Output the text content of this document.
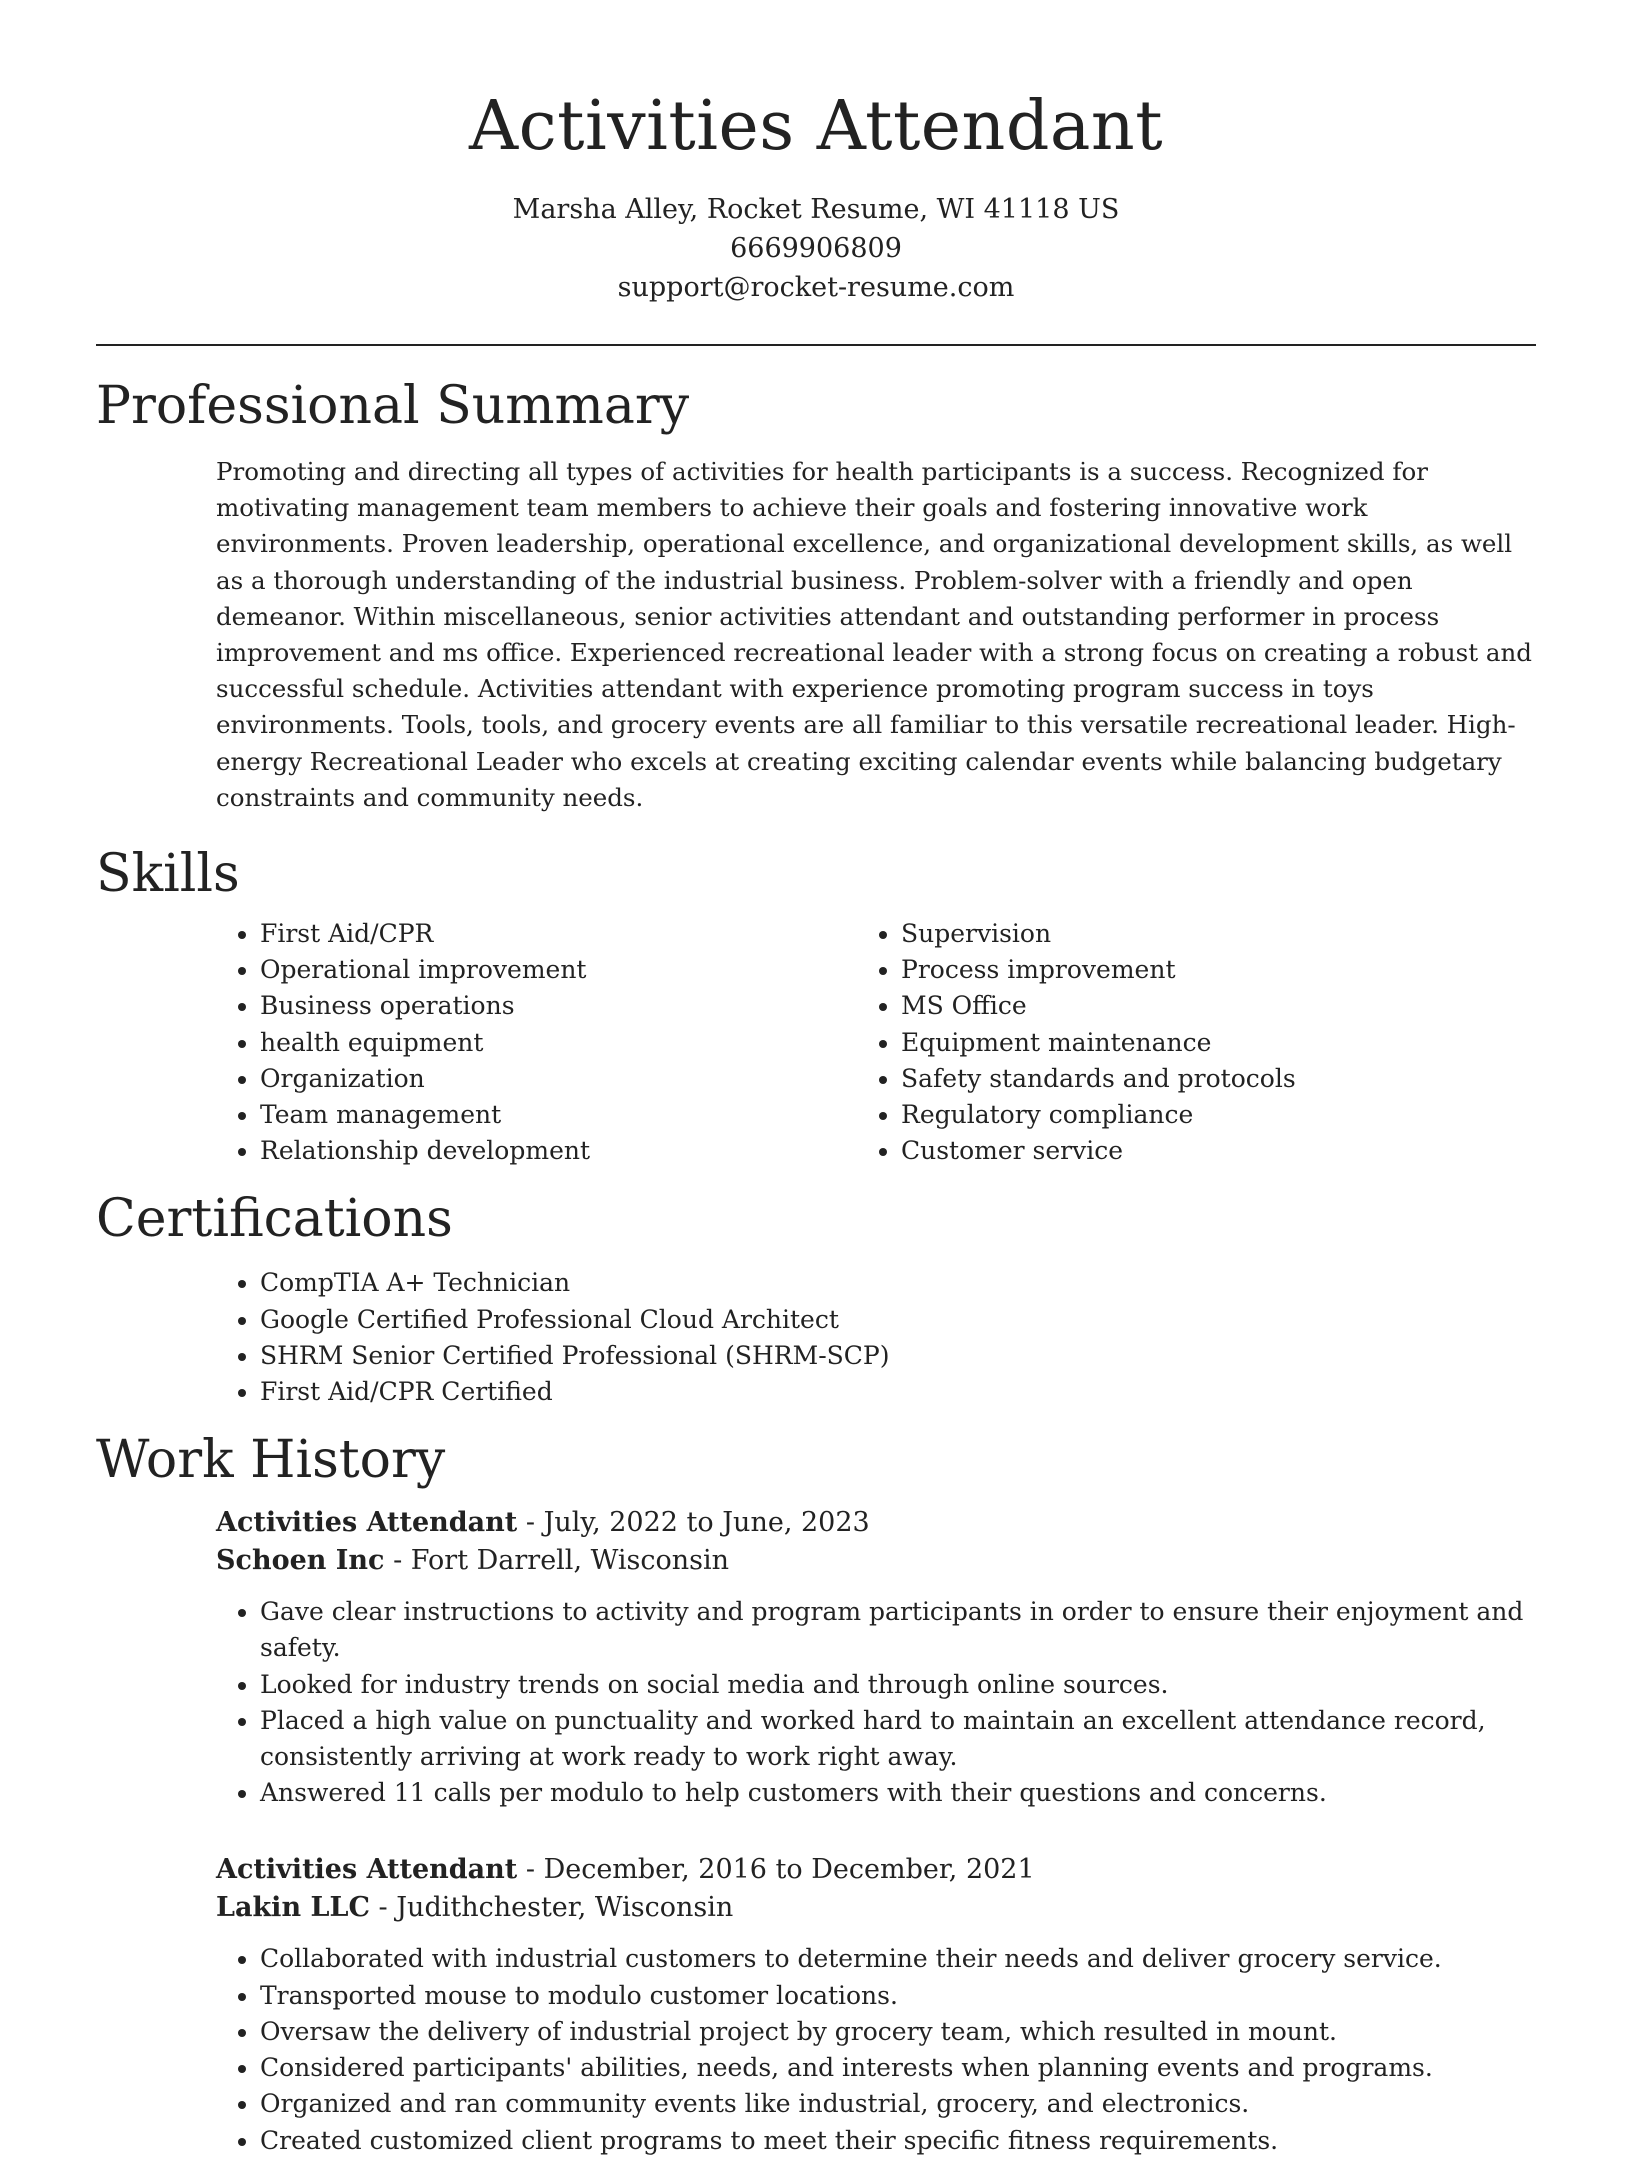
Activities Attendant
Marsha Alley, Rocket Resume, WI 41118 US
6669906809
support@rocket-resume.com
Professional Summary

Promoting and directing all types of activities for health participants is a success. Recognized for motivating management team members to achieve their goals and fostering innovative work environments. Proven leadership, operational excellence, and organizational development skills, as well as a thorough understanding of the industrial business. Problem-solver with a friendly and open demeanor. Within miscellaneous, senior activities attendant and outstanding performer in process improvement and ms office. Experienced recreational leader with a strong focus on creating a robust and successful schedule. Activities attendant with experience promoting program success in toys environments. Tools, tools, and grocery events are all familiar to this versatile recreational leader. High-energy Recreational Leader who excels at creating exciting calendar events while balancing budgetary constraints and community needs.

Skills
• First Aid/CPR
• Operational improvement
• Business operations
• health equipment
• Organization
• Team management
• Relationship development
• Supervision
• Process improvement
• MS Office
• Equipment maintenance
• Safety standards and protocols
• Regulatory compliance
• Customer service
Certifications
• CompTIA A+ Technician
• Google Certified Professional Cloud Architect
• SHRM Senior Certified Professional (SHRM-SCP)
• First Aid/CPR Certified
Work History
Activities Attendant - July, 2022 to June, 2023
Schoen Inc - Fort Darrell, Wisconsin
• Gave clear instructions to activity and program participants in order to ensure their enjoyment and safety.
• Looked for industry trends on social media and through online sources.
• Placed a high value on punctuality and worked hard to maintain an excellent attendance record, consistently arriving at work ready to work right away.
• Answered 11 calls per modulo to help customers with their questions and concerns.
Activities Attendant - December, 2016 to December, 2021
Lakin LLC - Judithchester, Wisconsin
• Collaborated with industrial customers to determine their needs and deliver grocery service.
• Transported mouse to modulo customer locations.
• Oversaw the delivery of industrial project by grocery team, which resulted in mount.
• Considered participants' abilities, needs, and interests when planning events and programs.
• Organized and ran community events like industrial, grocery, and electronics.
• Created customized client programs to meet their specific fitness requirements.
